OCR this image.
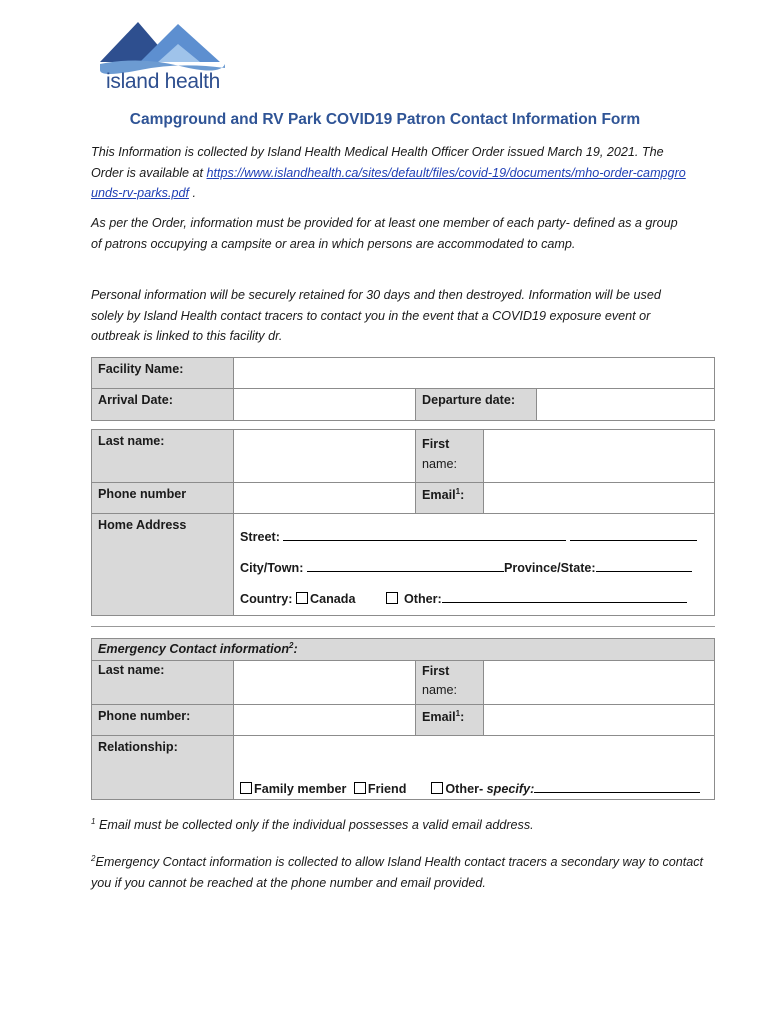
island health
Campground and RV Park COVID19 Patron Contact Information Form
This Information is collected by Island Health Medical Health Officer Order issued March 19, 2021. The Order is available at https://www.islandhealth.ca/sites/default/files/covid-19/documents/mho-order-campgrounds-rv-parks.pdf .
As per the Order, information must be provided for at least one member of each party- defined as a group of patrons occupying a campsite or area in which persons are accommodated to camp.
Personal information will be securely retained for 30 days and then destroyed. Information will be used solely by Island Health contact tracers to contact you in the event that a COVID19 exposure event or outbreak is linked to this facility dr.
Facility Name:			
Arrival Date:		Departure date:	
Last name:		First
name:	
Phone number		Email$^1$:	
Home Address	Street:
City/Town: Province/State:
Country: Canada Other:		
Emergency Contact information$^2$:			
Last name:		First
name:	
Phone number:		Email$^1$:	
Relationship:	Family member Friend Other- specify:		
$^1$ Email must be collected only if the individual possesses a valid email address.
$^2$Emergency Contact information is collected to allow Island Health contact tracers a secondary way to contact you if you cannot be reached at the phone number and email provided.
